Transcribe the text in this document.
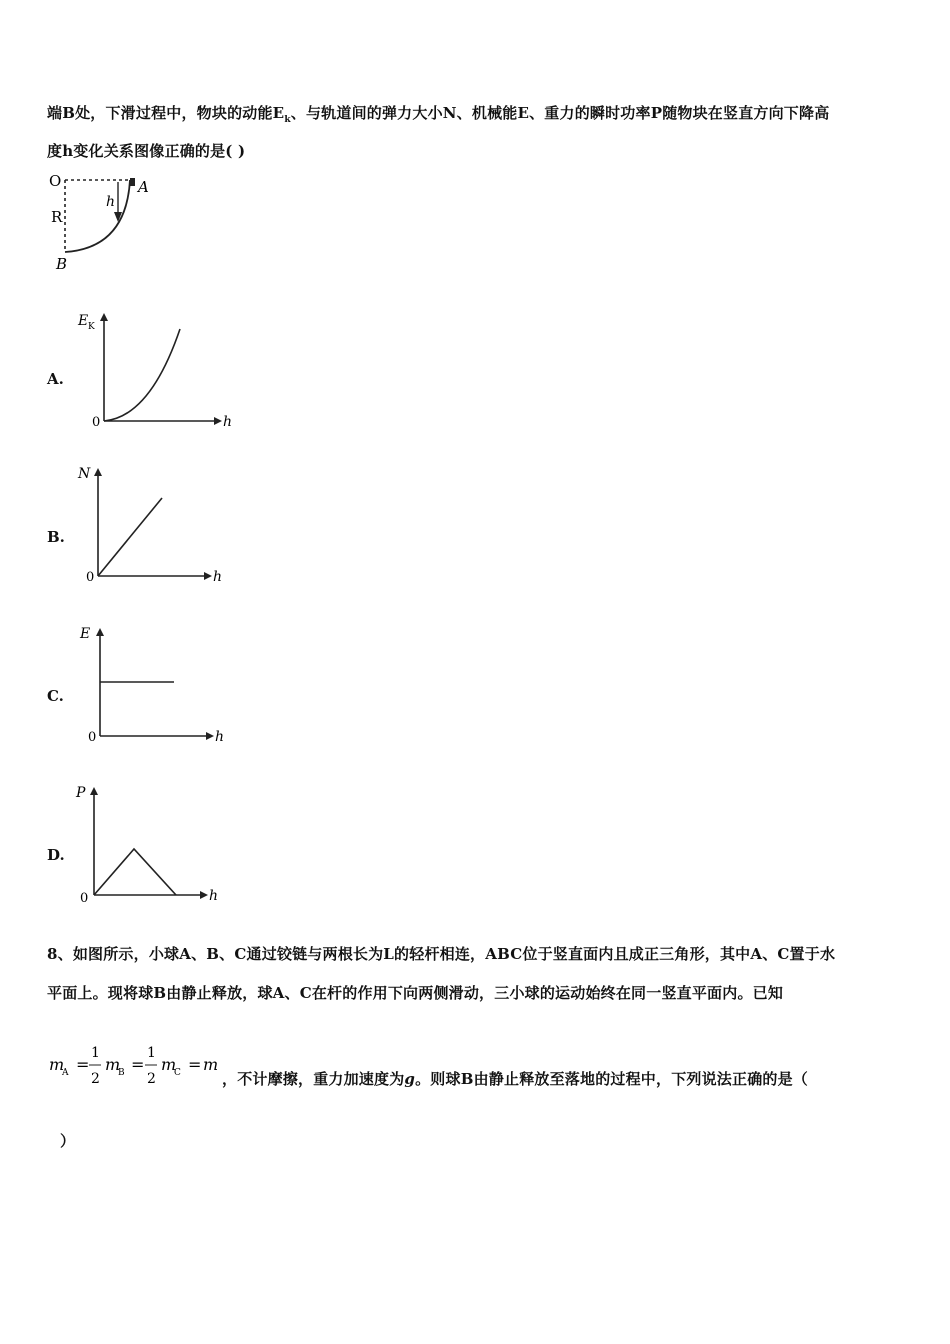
端B处，下滑过程中，物块的动能$E_k$、与轨道间的弹力大小N、机械能E、重力的瞬时功率P随物块在竖直方向下降高
度h变化关系图像正确的是( )
O	A
R
h
B
A.
E K
h
0
B.
N
h
0
C.
E
h
0
D.
P
h
0
8、如图所示，小球A、B、C通过铰链与两根长为L的轻杆相连，ABC位于竖直面内且成正三角形，其中A、C置于水
平面上。现将球B由静止释放，球A、C在杆的作用下向两侧滑动，三小球的运动始终在同一竖直平面内。已知
m
A =
1
2
m
B =
1
2
m
C = m
，不计摩擦，重力加速度为g。则球B由静止释放至落地的过程中，下列说法正确的是（
）
